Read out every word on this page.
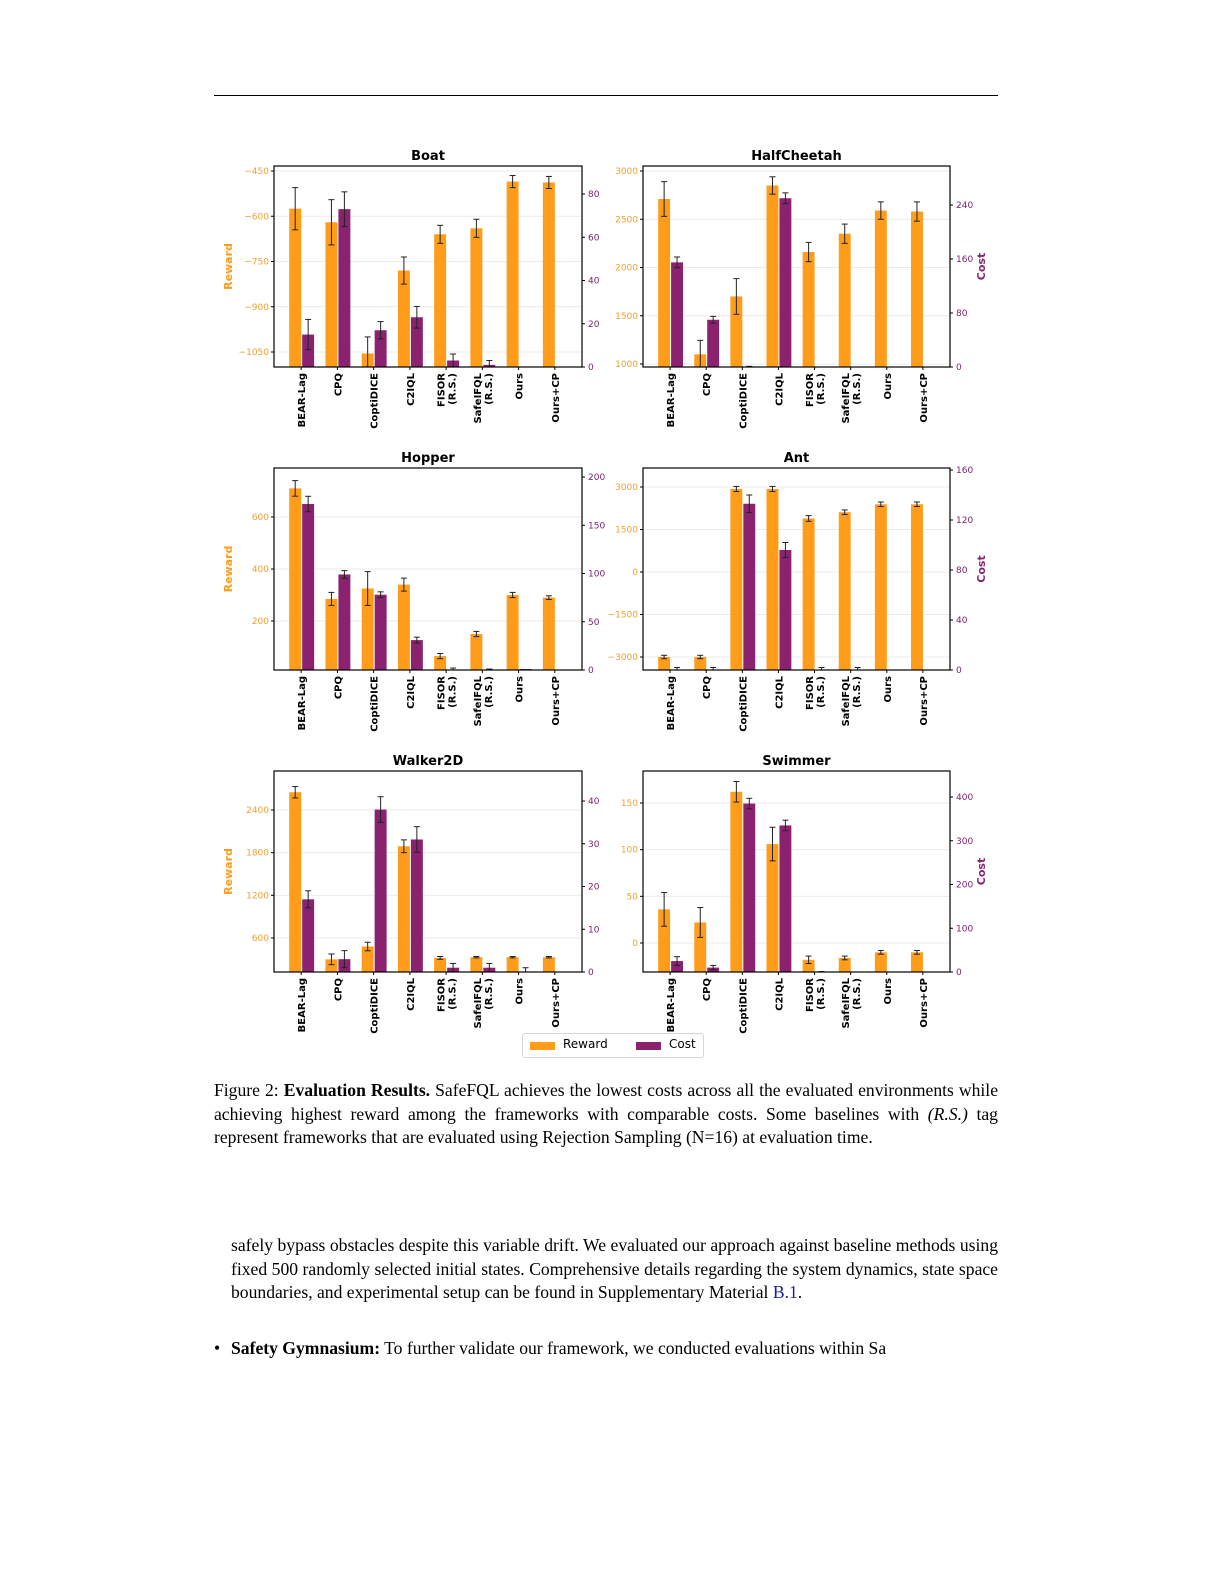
BEAR-Lag	CPQ	CoptiDICE	C2IQL FISOR (R.S.) SafeIFQL (R.S.) Ours	Ours+CP
−450
−600
−750
−900
−1050
0
20
40
60
80
Boat
Reward
BEAR-Lag	CPQ	CoptiDICE	C2IQL FISOR (R.S.) SafeIFQL (R.S.) Ours	Ours+CP
1000
1500
2000
2500
3000
0
80
160
240
HalfCheetah
Cost
BEAR-Lag	CPQ	CoptiDICE	C2IQL FISOR (R.S.) SafeIFQL (R.S.) Ours	Ours+CP
200
400
600
0
50
100
150
200
Hopper
Reward
BEAR-Lag	CPQ	CoptiDICE	C2IQL FISOR (R.S.) SafeIFQL (R.S.) Ours	Ours+CP
−3000
−1500
0
1500
3000
0
40
80
120
160
Ant
Cost
BEAR-Lag	CPQ	CoptiDICE	C2IQL FISOR (R.S.) SafeIFQL (R.S.) Ours	Ours+CP
600
1200
1800
2400
0
10
20
30
40
Walker2D
Reward
BEAR-Lag	CPQ	CoptiDICE	C2IQL FISOR (R.S.) SafeIFQL (R.S.) Ours	Ours+CP
0
50
100
150
0
100
200
300
400
Swimmer
Cost
Reward	Cost
Figure 2: Evaluation Results. SafeFQL achieves the lowest costs across all the evaluated environments while achieving highest reward among the frameworks with comparable costs. Some baselines with (R.S.) tag represent frameworks that are evaluated using Rejection Sampling (N=16) at evaluation time.
safely bypass obstacles despite this variable drift. We evaluated our approach against baseline methods using fixed 500 randomly selected initial states. Comprehensive details regarding the system dynamics, state space boundaries, and experimental setup can be found in Supplementary Material B.1.
• Safety Gymnasium: To further validate our framework, we conducted evaluations within Sa
